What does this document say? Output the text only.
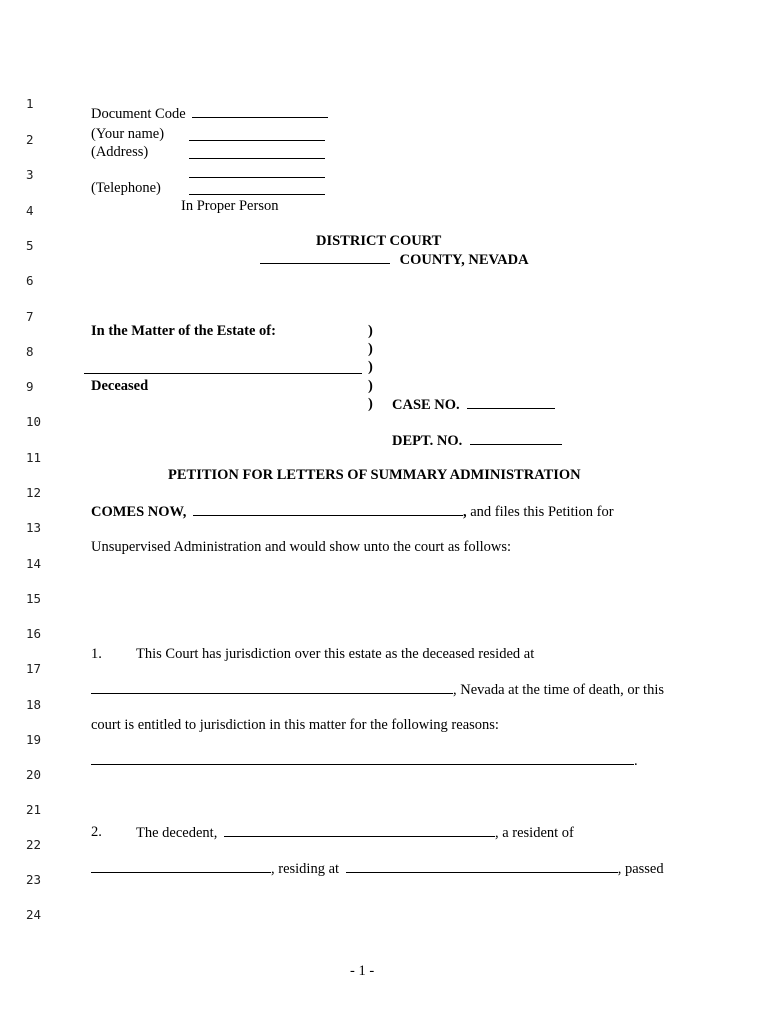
1
2
3
4
5
6
7
8
9
10
11
12
13
14
15
16
17
18
19
20
21
22
23
24
Document Code
(Your name)
(Address)
(Telephone)
In Proper Person
DISTRICT COURT
COUNTY, NEVADA
In the Matter of the Estate of:
Deceased
)
)
)
)
) CASE NO.
DEPT. NO.
PETITION FOR LETTERS OF SUMMARY ADMINISTRATION
COMES NOW,	, and files this Petition for
Unsupervised Administration and would show unto the court as follows:
1. This Court has jurisdiction over this estate as the deceased resided at
, Nevada at the time of death, or this
court is entitled to jurisdiction in this matter for the following reasons:
.
2. The decedent,	, a resident of
, residing at	, passed
- 1 -
